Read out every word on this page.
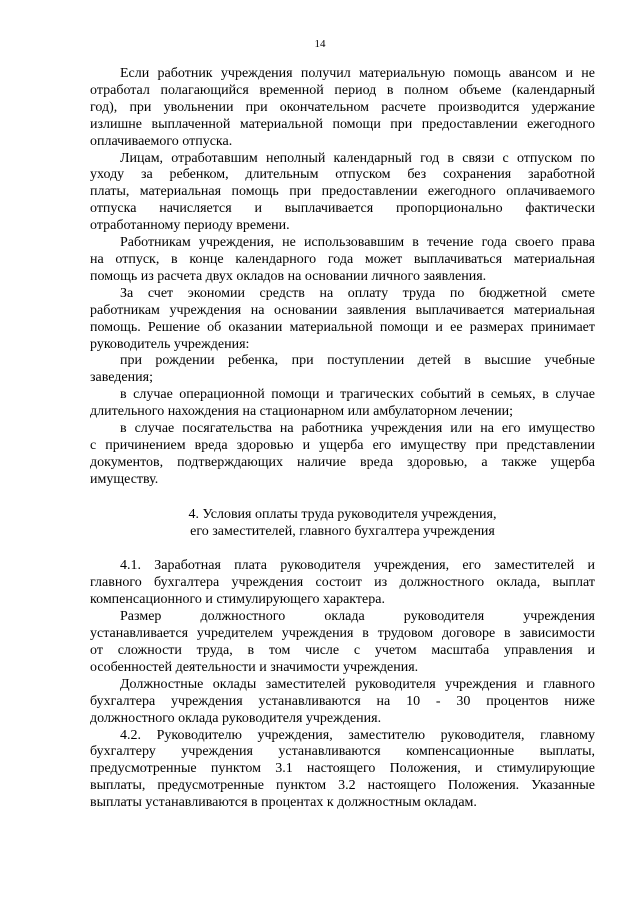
14

Если работник учреждения получил материальную помощь авансом и не
отработал полагающийся временной период в полном объеме (календарный
год), при увольнении при окончательном расчете производится удержание
излишне выплаченной материальной помощи при предоставлении ежегодного
оплачиваемого отпуска.

Лицам, отработавшим неполный календарный год в связи с отпуском по
уходу за ребенком, длительным отпуском без сохранения заработной
платы, материальная помощь при предоставлении ежегодного оплачиваемого
отпуска начисляется и выплачивается пропорционально фактически
отработанному периоду времени.

Работникам учреждения, не использовавшим в течение года своего права
на отпуск, в конце календарного года может выплачиваться материальная
помощь из расчета двух окладов на основании личного заявления.

За счет экономии средств на оплату труда по бюджетной смете
работникам учреждения на основании заявления выплачивается материальная
помощь. Решение об оказании материальной помощи и ее размерах принимает
руководитель учреждения:

при рождении ребенка, при поступлении детей в высшие учебные
заведения;

в случае операционной помощи и трагических событий в семьях, в случае
длительного нахождения на стационарном или амбулаторном лечении;

в случае посягательства на работника учреждения или на его имущество
с причинением вреда здоровью и ущерба его имуществу при представлении
документов, подтверждающих наличие вреда здоровью, а также ущерба
имуществу.

4. Условия оплаты труда руководителя учреждения,
его заместителей, главного бухгалтера учреждения

4.1. Заработная плата руководителя учреждения, его заместителей и
главного бухгалтера учреждения состоит из должностного оклада, выплат
компенсационного и стимулирующего характера.

Размер должностного оклада руководителя учреждения
устанавливается учредителем учреждения в трудовом договоре в зависимости
от сложности труда, в том числе с учетом масштаба управления и
особенностей деятельности и значимости учреждения.

Должностные оклады заместителей руководителя учреждения и главного
бухгалтера учреждения устанавливаются на 10 - 30 процентов ниже
должностного оклада руководителя учреждения.

4.2. Руководителю учреждения, заместителю руководителя, главному
бухгалтеру учреждения устанавливаются компенсационные выплаты,
предусмотренные пунктом 3.1 настоящего Положения, и стимулирующие
выплаты, предусмотренные пунктом 3.2 настоящего Положения. Указанные
выплаты устанавливаются в процентах к должностным окладам.
